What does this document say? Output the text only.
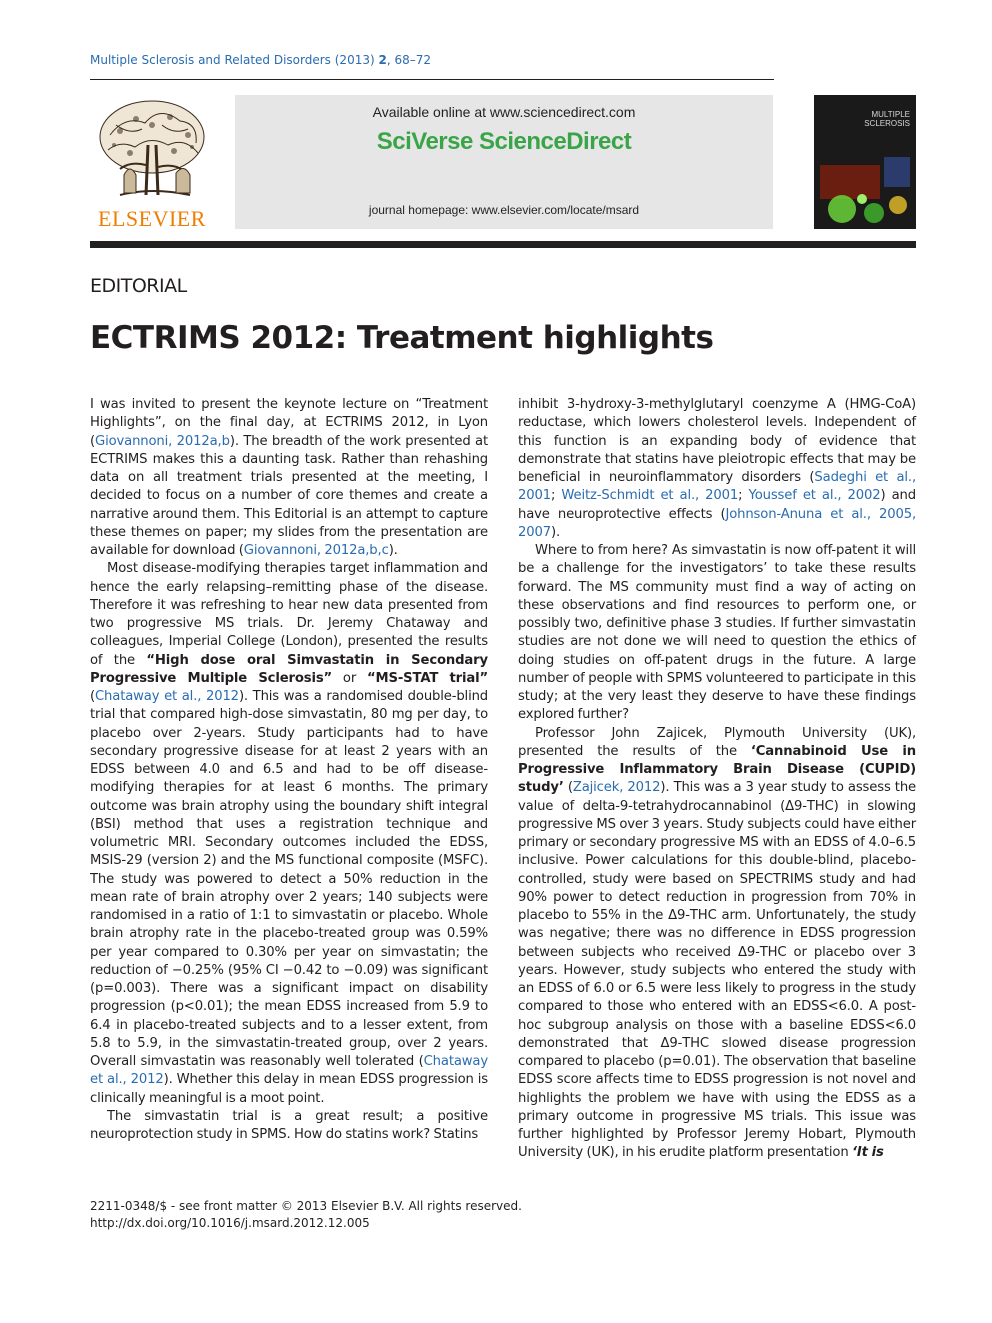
Multiple Sclerosis and Related Disorders (2013) 2, 68–72
ELSEVIER
Available online at www.sciencedirect.com
SciVerse ScienceDirect
journal homepage: www.elsevier.com/locate/msard
MULTIPLE
SCLEROSIS
EDITORIAL
ECTRIMS 2012: Treatment highlights

I was invited to present the keynote lecture on “Treatment Highlights”, on the final day, at ECTRIMS 2012, in Lyon (Giovannoni, 2012a,b). The breadth of the work presented at ECTRIMS makes this a daunting task. Rather than rehashing data on all treatment trials presented at the meeting, I decided to focus on a number of core themes and create a narrative around them. This Editorial is an attempt to capture these themes on paper; my slides from the presentation are available for download (Giovannoni, 2012a,b,c).

Most disease-modifying therapies target inflammation and hence the early relapsing–remitting phase of the disease. Therefore it was refreshing to hear new data presented from two progressive MS trials. Dr. Jeremy Chataway and colleagues, Imperial College (London), presented the results of the “High dose oral Simvastatin in Secondary Progressive Multiple Sclerosis” or “MS-STAT trial” (Chataway et al., 2012). This was a randomised double-blind trial that compared high-dose simvastatin, 80 mg per day, to placebo over 2-years. Study participants had to have secondary progressive disease for at least 2 years with an EDSS between 4.0 and 6.5 and had to be off disease-modifying therapies for at least 6 months. The primary outcome was brain atrophy using the boundary shift integral (BSI) method that uses a registration technique and volumetric MRI. Secondary outcomes included the EDSS, MSIS-29 (version 2) and the MS functional composite (MSFC). The study was powered to detect a 50% reduction in the mean rate of brain atrophy over 2 years; 140 subjects were randomised in a ratio of 1:1 to simvastatin or placebo. Whole brain atrophy rate in the placebo-treated group was 0.59% per year compared to 0.30% per year on simvastatin; the reduction of −0.25% (95% CI −0.42 to −0.09) was significant (p=0.003). There was a significant impact on disability progression (p<0.01); the mean EDSS increased from 5.9 to 6.4 in placebo-treated subjects and to a lesser extent, from 5.8 to 5.9, in the simvastatin-treated group, over 2 years. Overall simvastatin was reasonably well tolerated (Chataway et al., 2012). Whether this delay in mean EDSS progression is clinically meaningful is a moot point.

The simvastatin trial is a great result; a positive neuroprotection study in SPMS. How do statins work? Statins

inhibit 3-hydroxy-3-methylglutaryl coenzyme A (HMG-CoA) reductase, which lowers cholesterol levels. Independent of this function is an expanding body of evidence that demonstrate that statins have pleiotropic effects that may be beneficial in neuroinflammatory disorders (Sadeghi et al., 2001; Weitz-Schmidt et al., 2001; Youssef et al., 2002) and have neuroprotective effects (Johnson-Anuna et al., 2005, 2007).

Where to from here? As simvastatin is now off-patent it will be a challenge for the investigators’ to take these results forward. The MS community must find a way of acting on these observations and find resources to perform one, or possibly two, definitive phase 3 studies. If further simvastatin studies are not done we will need to question the ethics of doing studies on off-patent drugs in the future. A large number of people with SPMS volunteered to participate in this study; at the very least they deserve to have these findings explored further?

Professor John Zajicek, Plymouth University (UK), presented the results of the ‘Cannabinoid Use in Progressive Inflammatory Brain Disease (CUPID) study’ (Zajicek, 2012). This was a 3 year study to assess the value of delta-9-tetrahydrocannabinol (Δ9-THC) in slowing progressive MS over 3 years. Study subjects could have either primary or secondary progressive MS with an EDSS of 4.0–6.5 inclusive. Power calculations for this double-blind, placebo-controlled, study were based on SPECTRIMS study and had 90% power to detect reduction in progression from 70% in placebo to 55% in the Δ9-THC arm. Unfortunately, the study was negative; there was no difference in EDSS progression between subjects who received Δ9-THC or placebo over 3 years. However, study subjects who entered the study with an EDSS of 6.0 or 6.5 were less likely to progress in the study compared to those who entered with an EDSS<6.0. A post-hoc subgroup analysis on those with a baseline EDSS<6.0 demonstrated that Δ9-THC slowed disease progression compared to placebo (p=0.01). The observation that baseline EDSS score affects time to EDSS progression is not novel and highlights the problem we have with using the EDSS as a primary outcome in progressive MS trials. This issue was further highlighted by Professor Jeremy Hobart, Plymouth University (UK), in his erudite platform presentation ‘It is

2211-0348/$ - see front matter © 2013 Elsevier B.V. All rights reserved.
http://dx.doi.org/10.1016/j.msard.2012.12.005
